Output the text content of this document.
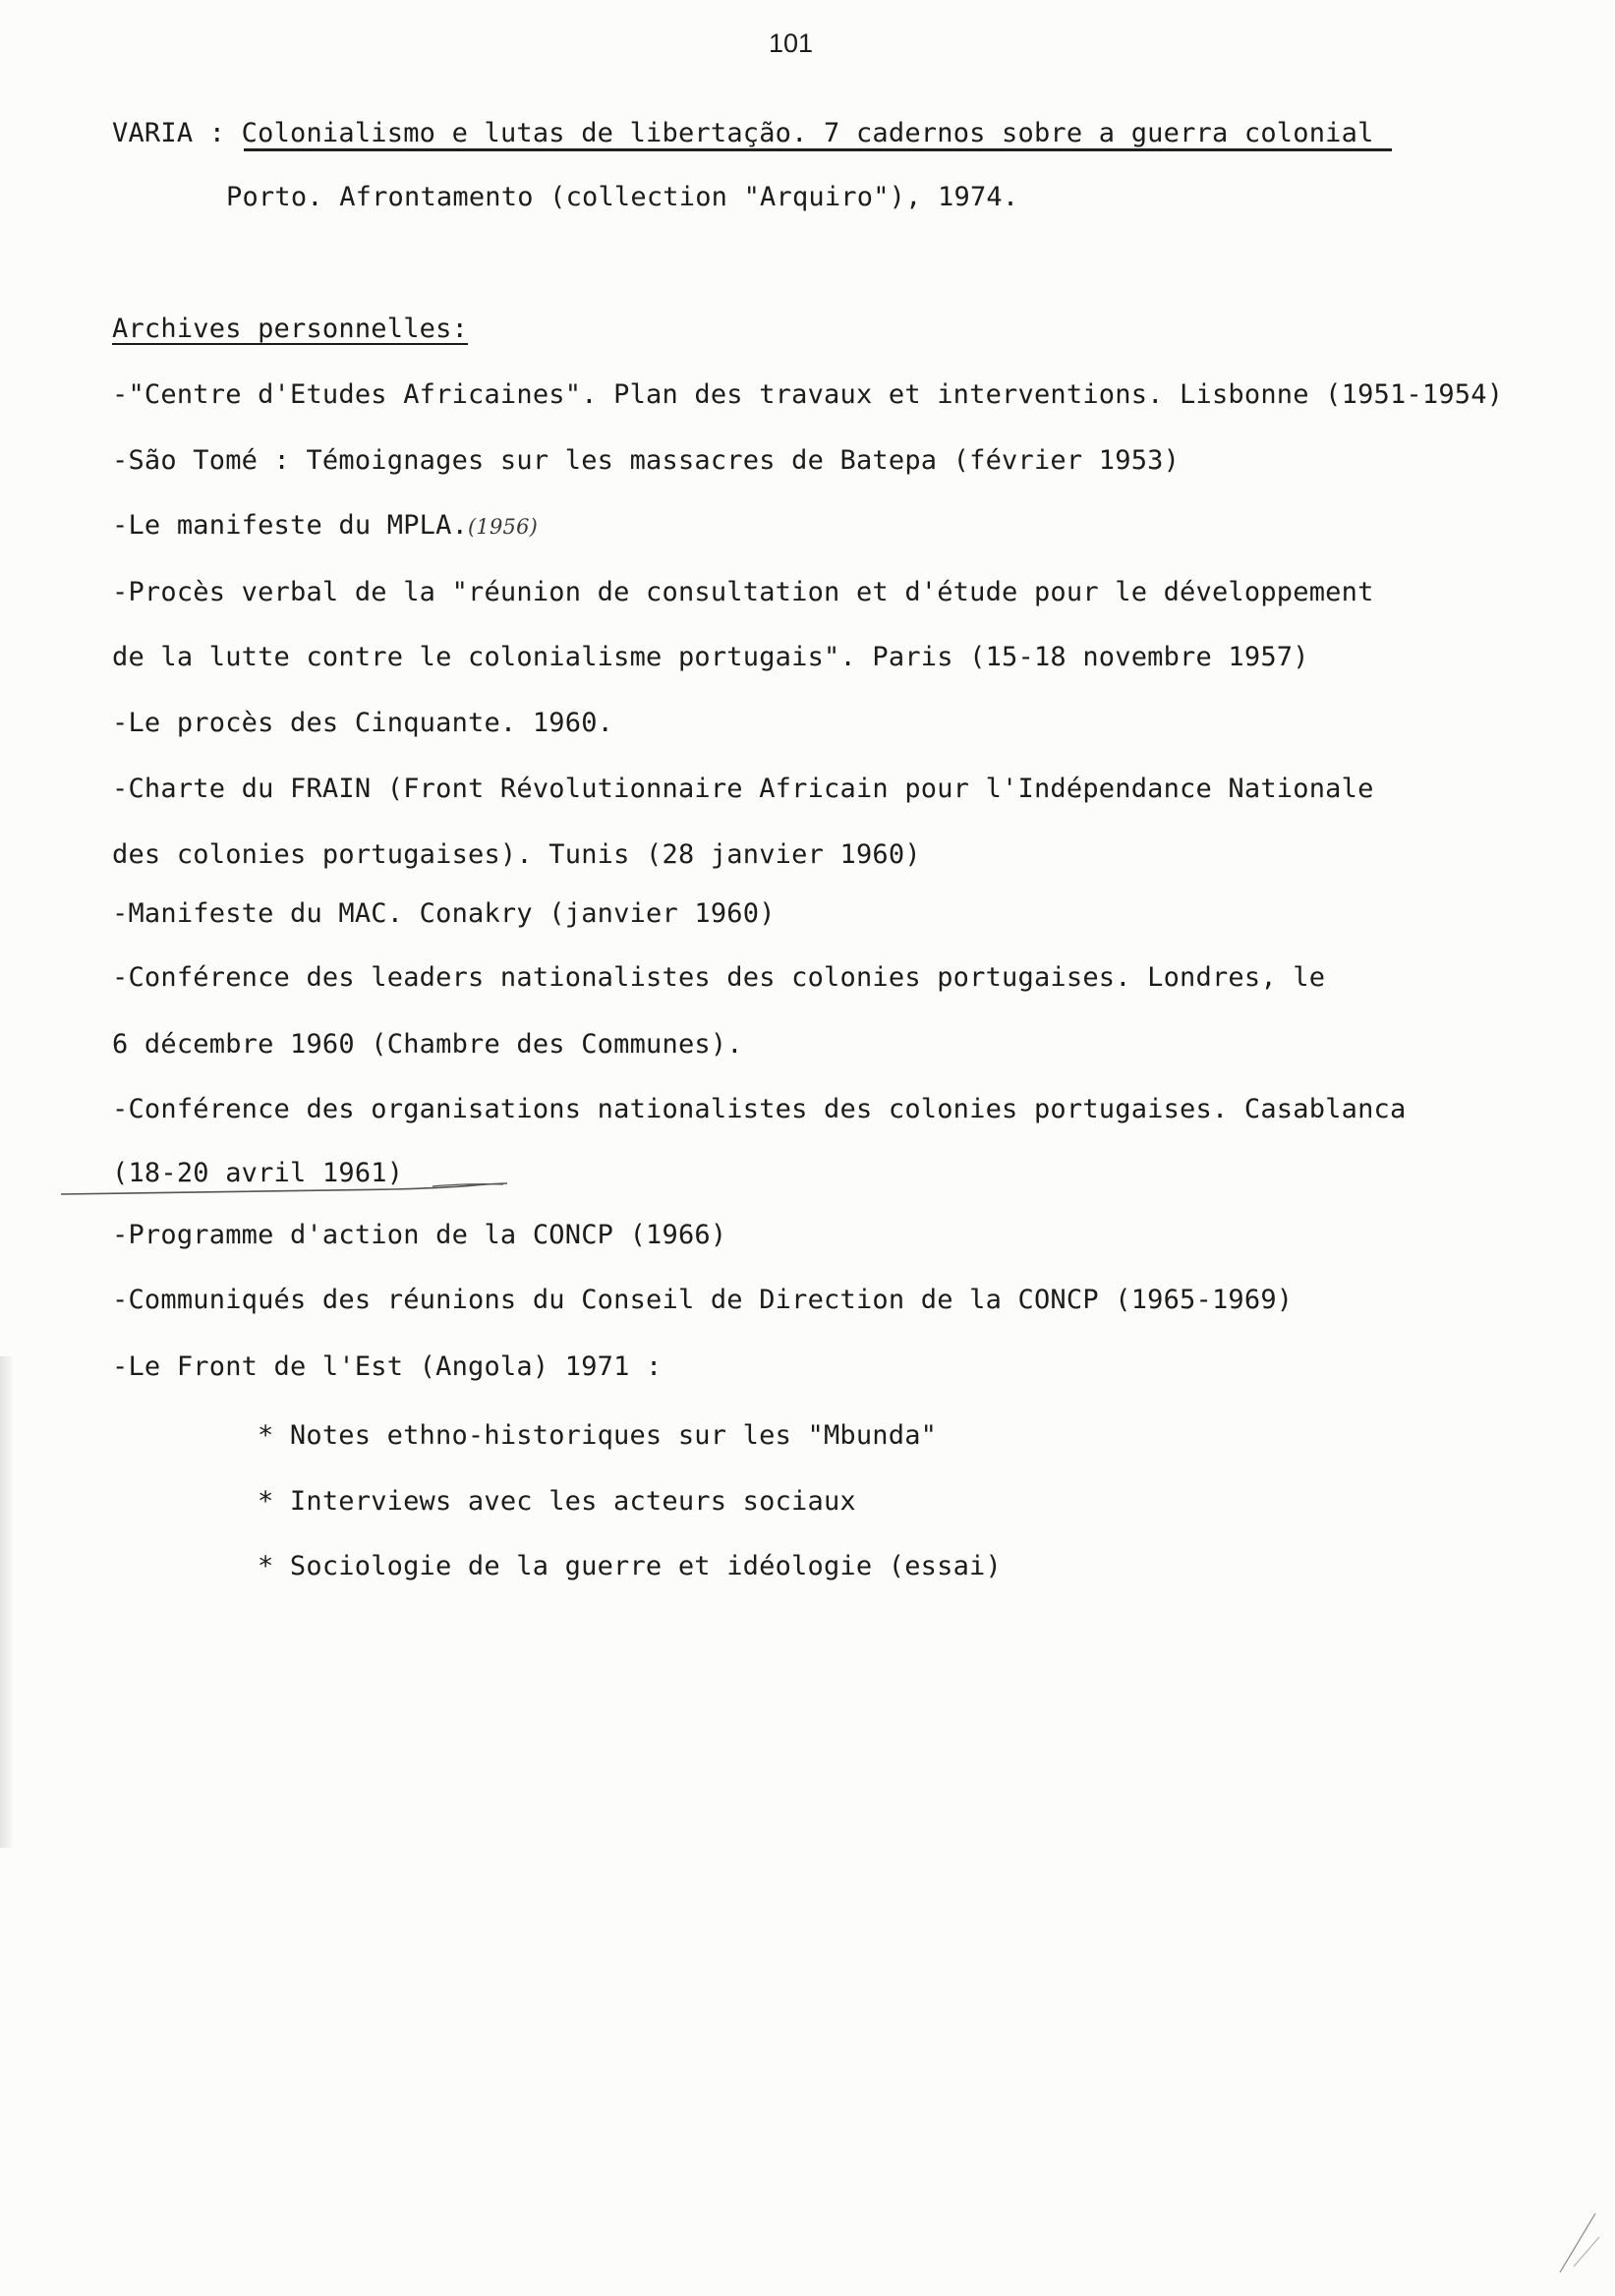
101
VARIA : Colonialismo e lutas de libertação. 7 cadernos sobre a guerra colonial
Porto. Afrontamento (collection "Arquiro"), 1974.
Archives personnelles:
-"Centre d'Etudes Africaines". Plan des travaux et interventions. Lisbonne (1951-1954)
-São Tomé : Témoignages sur les massacres de Batepa (février 1953)
-Le manifeste du MPLA.(1956)
-Procès verbal de la "réunion de consultation et d'étude pour le développement
de la lutte contre le colonialisme portugais". Paris (15-18 novembre 1957)
-Le procès des Cinquante. 1960.
-Charte du FRAIN (Front Révolutionnaire Africain pour l'Indépendance Nationale
des colonies portugaises). Tunis (28 janvier 1960)
-Manifeste du MAC. Conakry (janvier 1960)
-Conférence des leaders nationalistes des colonies portugaises. Londres, le
6 décembre 1960 (Chambre des Communes).
-Conférence des organisations nationalistes des colonies portugaises. Casablanca
(18-20 avril 1961)
-Programme d'action de la CONCP (1966)
-Communiqués des réunions du Conseil de Direction de la CONCP (1965-1969)
-Le Front de l'Est (Angola) 1971 :
* Notes ethno-historiques sur les "Mbunda"
* Interviews avec les acteurs sociaux
* Sociologie de la guerre et idéologie (essai)
